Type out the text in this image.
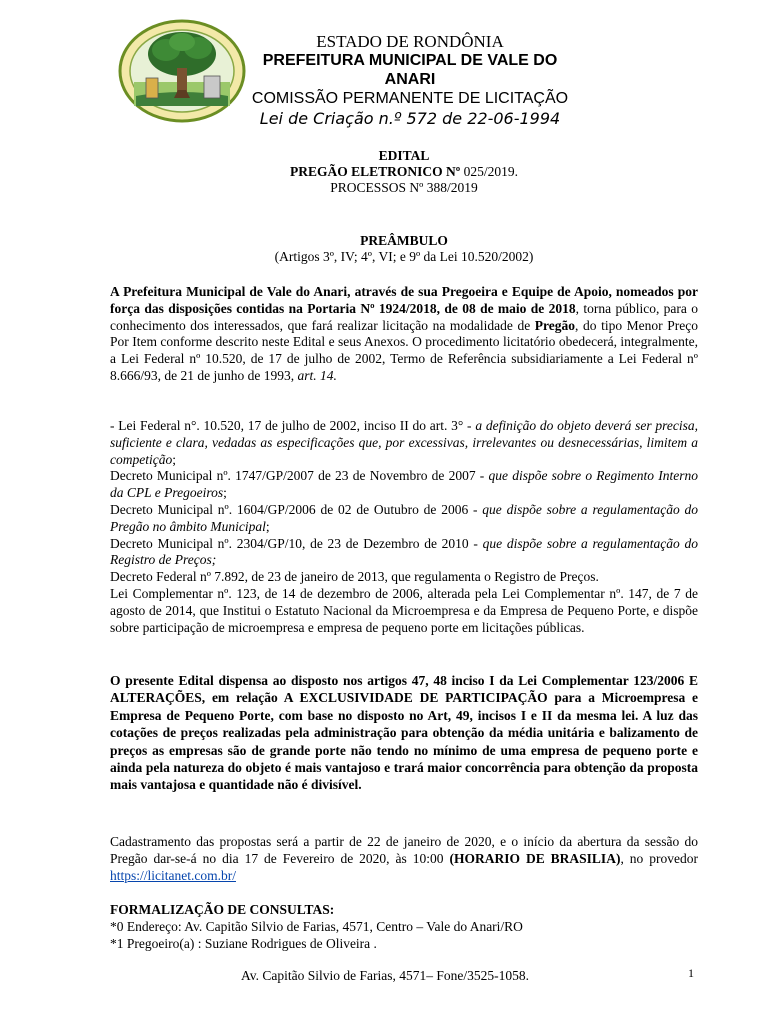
ESTADO DE RONDÔNIA
PREFEITURA MUNICIPAL DE VALE DO ANARI
COMISSÃO PERMANENTE DE LICITAÇÃO
Lei de Criação n.º 572 de 22-06-1994
EDITAL
PREGÃO ELETRONICO Nº 025/2019.
PROCESSOS Nº 388/2019
PREÂMBULO
(Artigos 3º, IV; 4º, VI; e 9º da Lei 10.520/2002)

A Prefeitura Municipal de Vale do Anari, através de sua Pregoeira e Equipe de Apoio, nomeados por força das disposições contidas na Portaria Nº 1924/2018, de 08 de maio de 2018, torna público, para o conhecimento dos interessados, que fará realizar licitação na modalidade de Pregão, do tipo Menor Preço Por Item conforme descrito neste Edital e seus Anexos. O procedimento licitatório obedecerá, integralmente, a Lei Federal nº 10.520, de 17 de julho de 2002, Termo de Referência subsidiariamente a Lei Federal nº 8.666/93, de 21 de junho de 1993, art. 14.

- Lei Federal n°. 10.520, 17 de julho de 2002, inciso II do art. 3° - a definição do objeto deverá ser precisa, suficiente e clara, vedadas as especificações que, por excessivas, irrelevantes ou desnecessárias, limitem a competição;

Decreto Municipal nº. 1747/GP/2007 de 23 de Novembro de 2007 - que dispõe sobre o Regimento Interno da CPL e Pregoeiros;

Decreto Municipal nº. 1604/GP/2006 de 02 de Outubro de 2006 - que dispõe sobre a regulamentação do Pregão no âmbito Municipal;

Decreto Municipal nº. 2304/GP/10, de 23 de Dezembro de 2010 - que dispõe sobre a regulamentação do Registro de Preços;

Decreto Federal nº 7.892, de 23 de janeiro de 2013, que regulamenta o Registro de Preços.

Lei Complementar nº. 123, de 14 de dezembro de 2006, alterada pela Lei Complementar nº. 147, de 7 de agosto de 2014, que Institui o Estatuto Nacional da Microempresa e da Empresa de Pequeno Porte, e dispõe sobre participação de microempresa e empresa de pequeno porte em licitações públicas.

O presente Edital dispensa ao disposto nos artigos 47, 48 inciso I da Lei Complementar 123/2006 E ALTERAÇÕES, em relação A EXCLUSIVIDADE DE PARTICIPAÇÃO para a Microempresa e Empresa de Pequeno Porte, com base no disposto no Art, 49, incisos I e II da mesma lei. A luz das cotações de preços realizadas pela administração para obtenção da média unitária e balizamento de preços as empresas são de grande porte não tendo no mínimo de uma empresa de pequeno porte e ainda pela natureza do objeto é mais vantajoso e trará maior concorrência para obtenção da proposta mais vantajosa e quantidade não é divisível.

Cadastramento das propostas será a partir de 22 de janeiro de 2020, e o início da abertura da sessão do Pregão dar-se-á no dia 17 de Fevereiro de 2020, às 10:00 (HORARIO DE BRASILIA), no provedor https://licitanet.com.br/

FORMALIZAÇÃO DE CONSULTAS:

*0 Endereço: Av. Capitão Silvio de Farias, 4571, Centro – Vale do Anari/RO

*1 Pregoeiro(a) : Suziane Rodrigues de Oliveira .

Av. Capitão Silvio de Farias, 4571– Fone/3525-1058.	1
